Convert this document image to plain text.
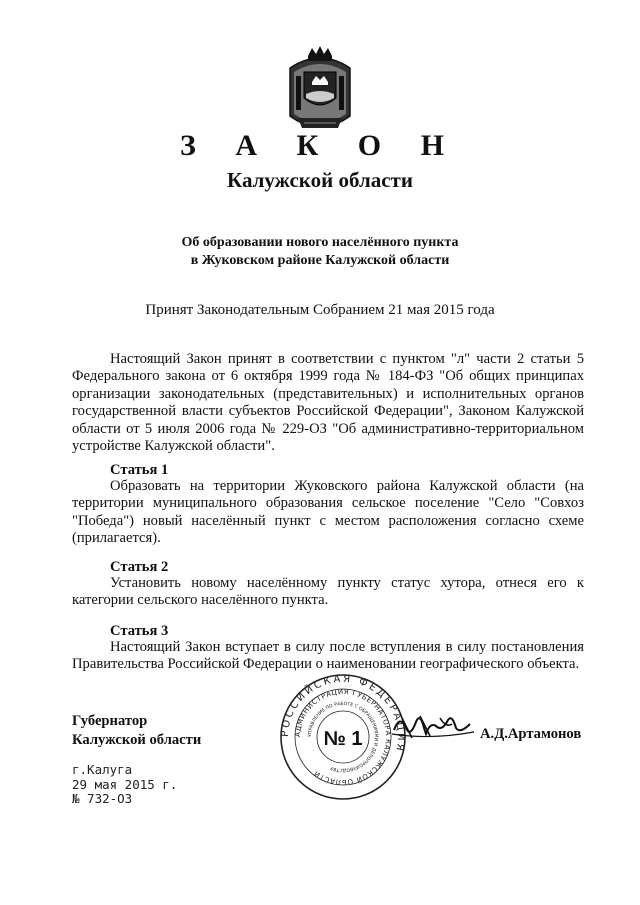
З А К О Н
Калужской области
Об образовании нового населённого пункта
в Жуковском районе Калужской области
Принят Законодательным Собранием 21 мая 2015 года
Настоящий Закон принят в соответствии с пунктом "л" части 2 статьи 5 Федерального закона от 6 октября 1999 года № 184-ФЗ "Об общих принципах организации законодательных (представительных) и исполнительных органов государственной власти субъектов Российской Федерации", Законом Калужской области от 5 июля 2006 года № 229-ОЗ "Об административно-территориальном устройстве Калужской области".
Статья 1
Образовать на территории Жуковского района Калужской области (на территории муниципального образования сельское поселение "Село "Совхоз "Победа") новый населённый пункт с местом расположения согласно схеме (прилагается).
Статья 2
Установить новому населённому пункту статус хутора, отнеся его к категории сельского населённого пункта.
Статья 3
Настоящий Закон вступает в силу после вступления в силу постановления Правительства Российской Федерации о наименовании географического объекта.
Губернатор
Калужской области	РОССИЙСКАЯ ФЕДЕРАЦИЯ
АДМИНИСТРАЦИЯ ГУБЕРНАТОРА КАЛУЖСКОЙ ОБЛАСТИ
УПРАВЛЕНИЕ ПО РАБОТЕ С ОБРАЩЕНИЯМИ И ДЕЛОПРОИЗВОДСТВУ
№ 1	А.Д.Артамонов
г.Калуга
29 мая 2015 г.
№ 732-ОЗ
